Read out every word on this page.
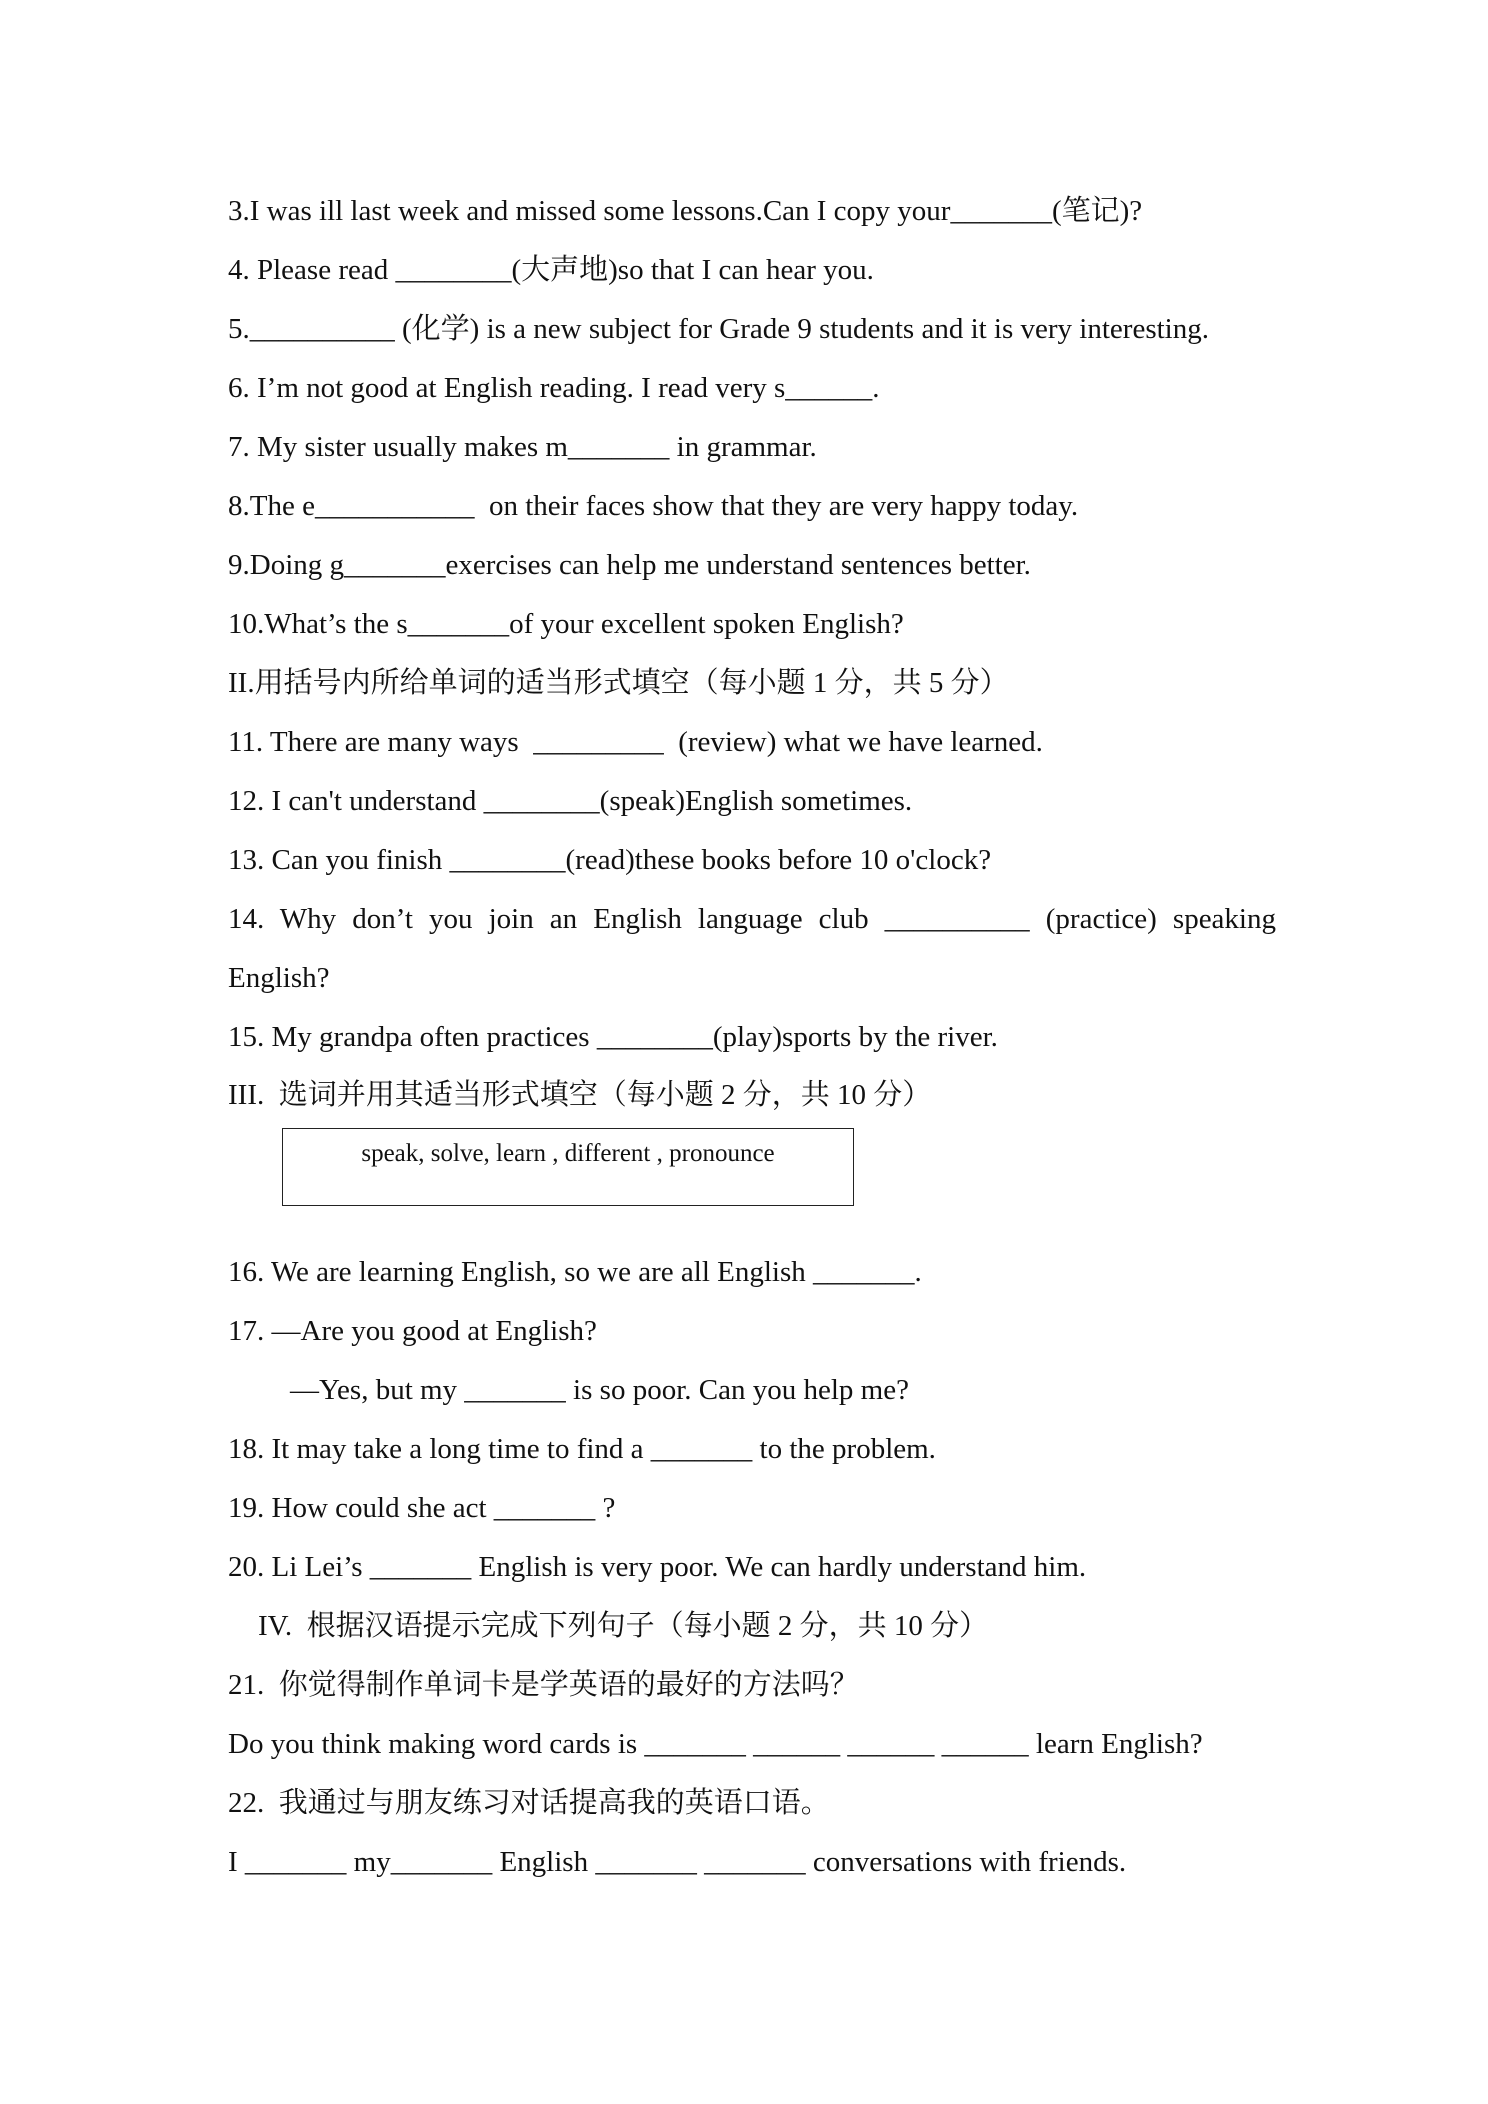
3.I was ill last week and missed some lessons.Can I copy your_______(笔记)?
4. Please read ________(大声地)so that I can hear you.
5.__________ (化学) is a new subject for Grade 9 students and it is very interesting.
6. I’m not good at English reading. I read very s______.
7. My sister usually makes m_______ in grammar.
8.The e___________  on their faces show that they are very happy today.
9.Doing g_______exercises can help me understand sentences better.
10.What’s the s_______of your excellent spoken English?
II.用括号内所给单词的适当形式填空（每小题 1 分，共 5 分）
11. There are many ways  _________  (review) what we have learned.
12. I can't understand ________(speak)English sometimes.
13. Can you finish ________(read)these books before 10 o'clock?
14. Why don’t you join an English language club __________ (practice) speaking
English?
15. My grandpa often practices ________(play)sports by the river.
III.  选词并用其适当形式填空（每小题 2 分，共 10 分）
speak, solve, learn , different , pronounce
16. We are learning English, so we are all English _______.
17. —Are you good at English?
—Yes, but my _______ is so poor. Can you help me?
18. It may take a long time to find a _______ to the problem.
19. How could she act _______ ?
20. Li Lei’s _______ English is very poor. We can hardly understand him.
IV.  根据汉语提示完成下列句子（每小题 2 分，共 10 分）
21.  你觉得制作单词卡是学英语的最好的方法吗？
Do you think making word cards is _______ ______ ______ ______ learn English?
22.  我通过与朋友练习对话提高我的英语口语。
I _______ my_______ English _______ _______ conversations with friends.
